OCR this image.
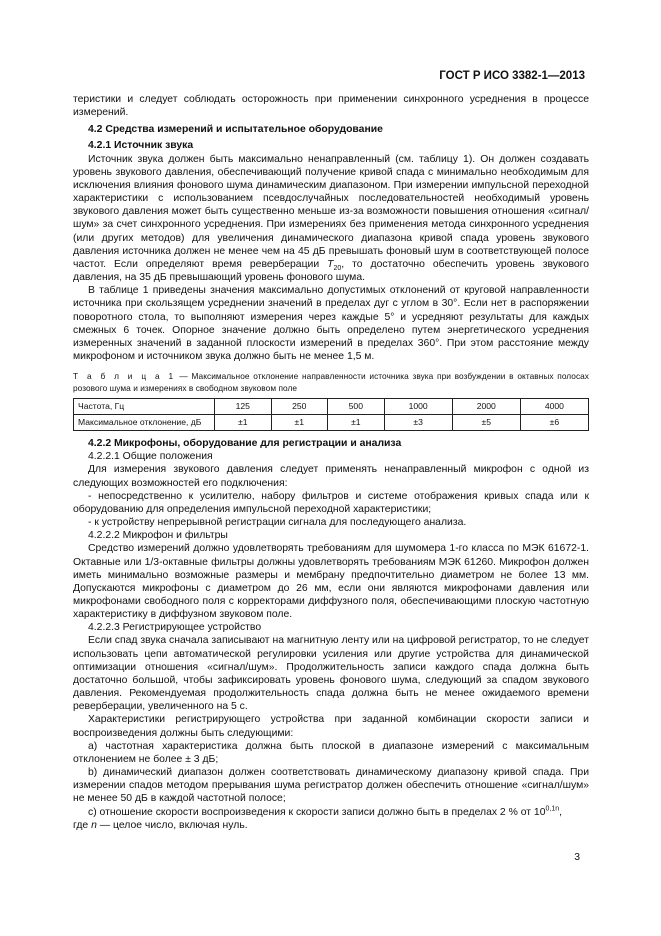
ГОСТ Р ИСО 3382-1—2013

теристики и следует соблюдать осторожность при применении синхронного усреднения в процессе измерений.

4.2 Средства измерений и испытательное оборудование

4.2.1 Источник звука

Источник звука должен быть максимально ненаправленный (см. таблицу 1). Он должен создавать уровень звукового давления, обеспечивающий получение кривой спада с минимально необходимым для исключения влияния фонового шума динамическим диапазоном. При измерении импульсной переходной характеристики с использованием псевдослучайных последовательностей необходимый уровень звукового давления может быть существенно меньше из-за возможности повышения отношения «сигнал/шум» за счет синхронного усреднения. При измерениях без применения метода синхронного усреднения (или других методов) для увеличения динамического диапазона кривой спада уровень звукового давления источника должен не менее чем на 45 дБ превышать фоновый шум в соответствующей полосе частот. Если определяют время реверберации $T_{20}$, то достаточно обеспечить уровень звукового давления, на 35 дБ превышающий уровень фонового шума.

В таблице 1 приведены значения максимально допустимых отклонений от круговой направленности источника при скользящем усреднении значений в пределах дуг с углом в 30°. Если нет в распоряжении поворотного стола, то выполняют измерения через каждые 5° и усредняют результаты для каждых смежных 6 точек. Опорное значение должно быть определено путем энергетического усреднения измеренных значений в заданной плоскости измерений в пределах 360°. При этом расстояние между микрофоном и источником звука должно быть не менее 1,5 м.

Т а б л и ц а 1 — Максимальное отклонение направленности источника звука при возбуждении в октавных полосах розового шума и измерениях в свободном звуковом поле

Частота, Гц	125	250	500	1000	2000	4000
Максимальное отклонение, дБ	±1	±1	±1	±3	±5	±6

4.2.2 Микрофоны, оборудование для регистрации и анализа

4.2.2.1 Общие положения

Для измерения звукового давления следует применять ненаправленный микрофон с одной из следующих возможностей его подключения:

- непосредственно к усилителю, набору фильтров и системе отображения кривых спада или к оборудованию для определения импульсной переходной характеристики;

- к устройству непрерывной регистрации сигнала для последующего анализа.

4.2.2.2 Микрофон и фильтры

Средство измерений должно удовлетворять требованиям для шумомера 1-го класса по МЭК 61672-1. Октавные или 1/3-октавные фильтры должны удовлетворять требованиям МЭК 61260. Микрофон должен иметь минимально возможные размеры и мембрану предпочтительно диаметром не более 13 мм. Допускаются микрофоны с диаметром до 26 мм, если они являются микрофонами давления или микрофонами свободного поля с корректорами диффузного поля, обеспечивающими плоскую частотную характеристику в диффузном звуковом поле.

4.2.2.3 Регистрирующее устройство

Если спад звука сначала записывают на магнитную ленту или на цифровой регистратор, то не следует использовать цепи автоматической регулировки усиления или другие устройства для динамической оптимизации отношения «сигнал/шум». Продолжительность записи каждого спада должна быть достаточно большой, чтобы зафиксировать уровень фонового шума, следующий за спадом звукового давления. Рекомендуемая продолжительность спада должна быть не менее ожидаемого времени реверберации, увеличенного на 5 с.

Характеристики регистрирующего устройства при заданной комбинации скорости записи и воспроизведения должны быть следующими:

а) частотная характеристика должна быть плоской в диапазоне измерений с максимальным отклонением не более ± 3 дБ;

b) динамический диапазон должен соответствовать динамическому диапазону кривой спада. При измерении спадов методом прерывания шума регистратор должен обеспечить отношение «сигнал/шум» не менее 50 дБ в каждой частотной полосе;

с) отношение скорости воспроизведения к скорости записи должно быть в пределах 2 % от $10^{0,1n}$,

где n — целое число, включая нуль.

3
